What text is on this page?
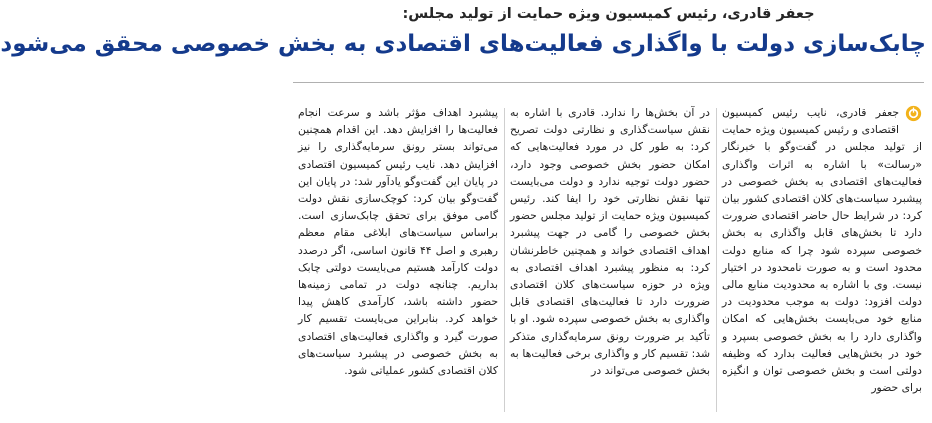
جعفر قادری، رئیس کمیسیون ویژه حمایت از تولید مجلس:
چابک‌سازی دولت با واگذاری فعالیت‌های اقتصادی به بخش خصوصی محقق می‌شود

جعفر قادری، نایب رئیس کمیسیون اقتصادی و رئیس کمیسیون ویژه حمایت از تولید مجلس در گفت‌وگو با خبرنگار «رسالت» با اشاره به اثرات واگذاری فعالیت‌های اقتصادی به بخش خصوصی در پیشبرد سیاست‌های کلان اقتصادی کشور بیان کرد: در شرایط حال حاضر اقتصادی ضرورت دارد تا بخش‌های قابل واگذاری به بخش خصوصی سپرده شود چرا که منابع دولت محدود است و به صورت نامحدود در اختیار نیست. وی با اشاره به محدودیت منابع مالی دولت افزود: دولت به موجب محدودیت در منابع خود می‌بایست بخش‌هایی که امکان واگذاری دارد را به بخش خصوصی بسپرد و خود در بخش‌هایی فعالیت بدارد که وظیفه دولتی است و بخش خصوصی توان و انگیزه برای حضور

در آن بخش‌ها را ندارد. قادری با اشاره به نقش سیاست‌گذاری و نظارتی دولت تصریح کرد: به طور کل در مورد فعالیت‌هایی که امکان حضور بخش خصوصی وجود دارد، حضور دولت توجیه ندارد و دولت می‌بایست تنها نقش نظارتی خود را ایفا کند. رئیس کمیسیون ویژه حمایت از تولید مجلس حضور بخش خصوصی را گامی در جهت پیشبرد اهداف اقتصادی خواند و همچنین خاطرنشان کرد: به منظور پیشبرد اهداف اقتصادی به ویژه در حوزه سیاست‌های کلان اقتصادی ضرورت دارد تا فعالیت‌های اقتصادی قابل واگذاری به بخش خصوصی سپرده شود. او با تأکید بر ضرورت رونق سرمایه‌گذاری متذکر شد: تقسیم کار و واگذاری برخی فعالیت‌ها به بخش خصوصی می‌تواند در

پیشبرد اهداف مؤثر باشد و سرعت انجام فعالیت‌ها را افزایش دهد. این اقدام همچنین می‌تواند بستر رونق سرمایه‌گذاری را نیز افزایش دهد. نایب رئیس کمیسیون اقتصادی در پایان این گفت‌وگو یادآور شد: در پایان این گفت‌وگو بیان کرد: کوچک‌سازی نقش دولت گامی موفق برای تحقق چابک‌سازی است. براساس سیاست‌های ابلاغی مقام معظم رهبری و اصل ۴۴ قانون اساسی، اگر درصدد دولت کارآمد هستیم می‌بایست دولتی چابک بداریم. چنانچه دولت در تمامی زمینه‌ها حضور داشته باشد، کارآمدی کاهش پیدا خواهد کرد. بنابراین می‌بایست تقسیم کار صورت گیرد و واگذاری فعالیت‌های اقتصادی به بخش خصوصی در پیشبرد سیاست‌های کلان اقتصادی کشور عملیاتی شود.
